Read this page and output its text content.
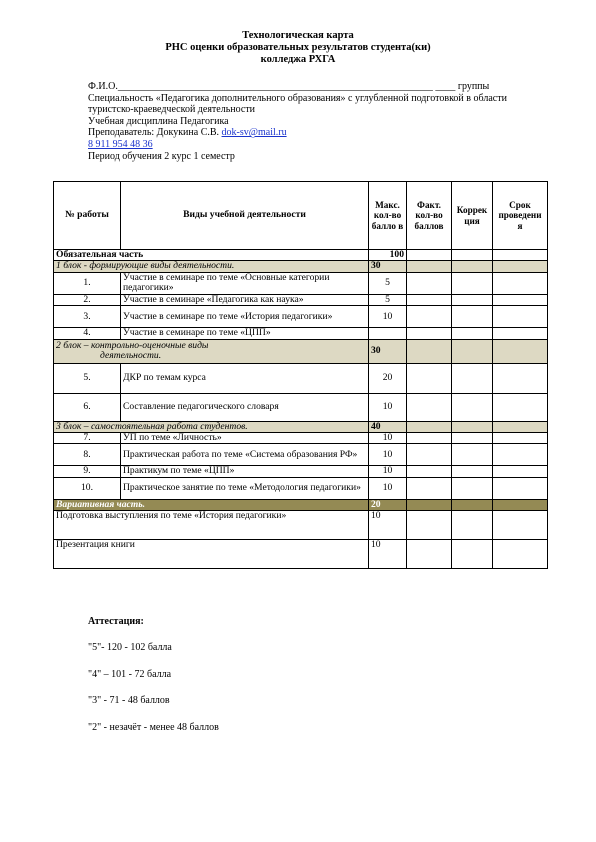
Технологическая карта
РНС оценки образовательных результатов студента(ки)
колледжа РХГА
Ф.И.О._______________________________________________________________ ____ группы
Специальность «Педагогика дополнительного образования» с углубленной подготовкой в области
туристско-краеведческой деятельности
Учебная дисциплина Педагогика
Преподаватель: Докукина С.В. dok-sv@mail.ru
8 911 954 48 36
Период обучения 2 курс 1 семестр
№ работы	Виды учебной деятельности	Макс. кол-во балло в	Факт. кол-во баллов	Коррек ция	Срок проведени я
Обязательная часть		100			
1 блок - формирующие виды деятельности.		30			
1.	Участие в семинаре по теме «Основные категории педагогики»	5			
2.	Участие в семинаре «Педагогика как наука»	5			
3.	Участие в семинаре по теме «История педагогики»	10			
4.	Участие в семинаре по теме «ЦПП»				

2 блок – контрольно-оценочные виды
деятельности.		30			
5.	ДКР по темам курса	20			
6.	Составление педагогического словаря	10			
3 блок – самостоятельная работа студентов.		40			
7.	УП по теме «Личность»	10			
8.	Практическая работа по теме «Система образования РФ»	10			
9.	Практикум по теме «ЦПП»	10			
10.	Практическое занятие по теме «Методология педагогики»	10			
Вариативная часть.		20			
Подготовка выступления по теме «История педагогики»		10			
Презентация книги		10			
Аттестация:
"5"- 120 - 102 балла
"4" – 101 - 72 балла
"3" - 71 - 48 баллов
"2" - незачёт - менее 48 баллов
